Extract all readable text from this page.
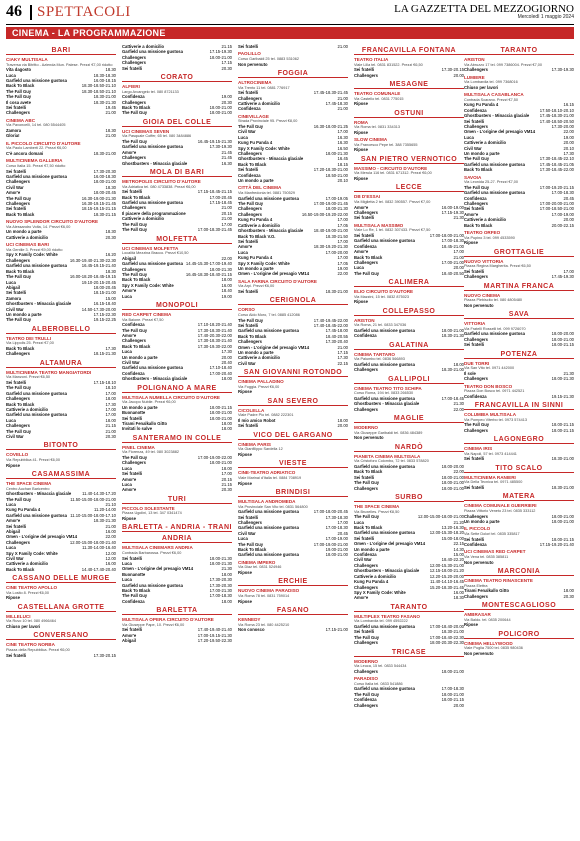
46 SPETTACOLI	LA GAZZETTA DEL MEZZOGIORNO
Mercoledì 1 maggio 2024
CINEMA - LA PROGRAMMAZIONE
BARI
CIAKY MULTISALA
Traversa via Bitritto - Azienda Mun. Palese. Prezzi €7,00 ridotto
Vita dagosto	18.30
Luca	18.30-18.30
Garfield una missione gustosa	16.00-18.15
Back To Black	18.30-18.50-21.10
The Fall Guy	18.30-18.50-21.10
The Fall Guy	18.30-21.00
Il cosa avete	18.30-21.30
Sei fratelli	19.45
Challengers	21.00
CINEMA ABC
Via Pavoncelli, 14 tel. 080 5544405
Zamora	18.30
Gloria!	21.00
IL PICCOLO CIRCUITO D'AUTORE
Via Paolo Lamberti 22. Prezzi €6,00
C'è ancora domani	18.30-21.00
MULTICINEMA GALLERIA
Corso Italia 15. Prezzi €7,50 ridotto
Sei fratelli	17.30-20.30
Garfield una missione gustosa	16.00-18.30
Challengers	18.00-21.00
Civil War	18.30
Amor'e	18.00-20.45
The Fall Guy	16.30-19.00-21.30
Challengers	16.30-19.15-21.45
Sei fratelli	18.15-19.15-21.15
Back To Black	18.30-21.15
NUOVO SPLENDOR CIRCUITO D'AUTORE
Via Alessandro Volta, 14. Prezzi €6,00
Un mondo a parte	18.30
Cattiverie a domicilio	20.30
UCI CINEMAS BARI
Via Gentile 3. Prezzi €9,00 ridotto
Spy X Family Code: White	16.20
Challengers	16.30-19.40-21.30-22.30
Garfield una missione gustosa	16.45-19.15-21.40
Back To Black	18.30
The Fall Guy	16.00-18.20-18.45-19.15
Luca	19.10-20.15-20.45
Abigail	18.00-20.45
Sei fratelli	18.15-21.00
Zamora	15.00
Ghostbusters - Minaccia glaciale	16.15-18.40
Civil War	14.50-17.30-20.00
Un mondo a parte	17.15-22.30
The Fall Guy	19.15-22.25
ALBEROBELLO
TEATRO DEI TRULLI
Via Lippolis 25. Prezzi €7,00
Back To Black	17.30
Challengers	18.15-21.30
ALTAMURA
MULTICINEMA TEATRO MANGIATORDI
Via Manzoni. Prezzi €6,50
Sei fratelli	17.15-18.10
The Fall Guy	18.10
Garfield una missione gustosa	17.00
Challengers	18.00
Back To Black	17.30
Cattiverie a domicilio	17.00
Garfield una missione gustosa	17.00
Luca	18.00
Challengers	21.15
The Fall Guy	21.00
Civil War	20.30
BITONTO
COVELLO
Via Repubblica 41. Prezzi €6,00
Ripose
CASAMASSIMA
THE SPACE CINEMA
Centro Auchan Baricentro
Ghostbusters - Minaccia glaciale	11.40-14.30-17.20
The Fall Guy	11.50-15.00-18.00-21.00
Luca	21.10
Kung Fu Panda 4	11.20-14.00
Garfield una missione gustosa 11.10-15.00-18.00-17.10
Amor'e	18.30-21.30
Sei fratelli	21.00
Abigail	16.00
Omen - L'origine del presagio VM14	22.00
Challengers	12.00-15.00-18.00-21.40
Luca	11.30-14.00-16.40
Spy X Family Code: White	12.00
Civil War	12.00
Cattiverie a domicilio	16.00
Back To Black	14.40-17.40-20.40
CASSANO DELLE MURGE
CINE TEATRO APOLLO
Via Losito 8. Prezzi €6,00
Ripose
CASTELLANA GROTTE
MILLELUCI
Via Ruvo 10 tel. 080 4966464
Chiuso per lavori
CONVERSANO
CINE TEATRO NORBA
Piazza della Repubblica. Prezzi €6,00
Sei fratelli	17.30-20.15
Cattiverie a domicilio	21.15
Garfield una missione gustosa	17.15-19.30
Challengers	18.00-21.00
Challengers	17.15
Sei fratelli	20.30
CORATO
ALFIERI
Largo Arcangelo tel. 080 8721133
Confidenza	19.00
Challengers	20.30
Back To Black	18.00-21.00
The Fall Guy	18.00-21.00
GIOIA DEL COLLE
UCI CINEMAS SEVEN
Via Pasquale Coffer, 65 tel. 080 3484886
The Fall Guy	16.45-19.15-21.30
Garfield una missione gustosa	17.30-19.30
Amor'e	21.45
Challengers	21.45
Ghostbusters - Minaccia glaciale	16.30
MOLA DI BARI
METROPOLIS CIRCUITO D'AUTORE
Via Adriatica tel. 080 4733838. Prezzi €6,00
Sei fratelli	17.15-18.45-21.15
Back To Black	17.00-20.45
Garfield una missione gustosa	17.15-18.45
Challengers	21.00
Il piacere della programmazione	20.15
Cattiverie a domicilio	21.00
The Fall Guy	17.00
The Fall Guy	17.00-18.30-21.45
MOLFETTA
UCI CINEMAS MOLFETTA
Località Mezzina Bracco. Prezzi €10,50
Abigail	22.00
Garfield una missione gustosa 14.45-15.30-17.00-19.40
Challengers	18.00-21.30
The Fall Guy	16.45-18.30-18.40-21.15
Back To Black	18.00
Spy X Family Code: White	16.00
Amor'e	18.40
Luca	19.00
MONOPOLI
RED CARPET CINEMA
Via Baione. Prezzi €7,50
Confidenza	17.10-18.20-21.40
The Fall Guy	17.30-18.30-21.40
Amor'e	17.40-20.30-22.00
Challengers	17.30-18.30-21.40
Back To Black	17.30-19.30-22.00
Luca	17.30
Un mondo a parte	20.00
Civil War	20.40
Garfield una missione gustosa	17.10-18.40
Confidenza	17.00-20.40
Ghostbusters - Minaccia glaciale	18.00
POLIGNANO A MARE
MULTISALA NUMELLA CIRCUITO D'AUTORE
Via Jacopo Nubile. Prezzi €6,00
Un mondo a parte	18.00-21.15
Buonanotte	18.00-21.00
Sei fratelli	18.00-21.00
Tirami Fenalkallo Gitto	18.00
Invitati lo salve	18.00
SANTERAMO IN COLLE
PINEL CINEMA
Via Fiorenza, 49 tel. 080 3023882
The Fall Guy	17.00-19.00-22.00
Challengers	18.00-21.00
Luca	18.00
Sei fratelli	17.00
Amor'e	20.15
Luca	21.15
Amor'e	20.30
TURI
PICCOLO SOLESTANTE
Piazza Ugolini, 13 tel. 347 0341474
Ripose
BARLETTA - ANDRIA - TRANI
ANDRIA
MULTISALA CINEMARS ANDRIA
Contrada Barbarossa. Prezzi €6,00
Sei fratelli	18.00-21.30
Luca	18.00-21.30
Omen - L'origine del presagio VM14	21.30
Buonanotte	18.00
Luca	17.30-20.30
Garfield una missione gustosa	17.30-20.30
Back To Black	17.00-21.30
The Fall Guy	17.00-18.30
Confidenza	18.00
BARLETTA
MULTISALA OPERA CIRCUITO D'AUTORE
Via Giuseppe Pape, 10. Prezzi €6,00
Sei fratelli	17.40-19.40-21.40
Amor'e	17.00-19.15-21.30
Abigail	17.20-19.50-22.30
Sei fratelli	21.00
PAOLILLO
Corso Garibaldi 25 tel. 0883 531062
Non pervenuto
FOGGIA
ALTROCINEMA
Via Trento 11 tel. 0881 776917
Sei fratelli	17.45-18.30-21.45
Challengers	21.00
Cattiverie a domicilio	17.45-18.30
Confidenza	21.00
CINEVILLAGE
Strada Provinciale 95. Prezzi €8,00
The Fall Guy	16.30-18.00-21.25
Civil War	17.00
Luca	16.30
Kung Fu Panda 4	16.30
Spy X Family Code: White	16.50
Challengers	18.00-21.30
Ghostbusters - Minaccia glaciale	16.45
Back To Black	18.15
Sei fratelli	17.20-18.30-21.00
Confidenza	18.50-21.00
Un mondo a parte	20.10
CITTÀ DEL CINEMA
Via Manfredonia tel. 0881 750529
Garfield una missione gustosa	17.00-19.05
The Fall Guy	17.00-19.00-21.45
Challengers	18.00-21.30
Challengers	16.50-19.00-19.20-22.00
Kung Fu Panda 4	17.00
Cattiverie a domicilio	17.05
Ghostbusters - Minaccia glaciale	18.40-19.00-21.00
Back To Black V.O.	18.30-21.50
Sei fratelli	17.00
Amor'e	18.30-19.20-21.30
Luca	17.00-20.00
Kung Fu Panda 4	17.00
Spy X Family Code: White	17.05
Un mondo a parte	19.00
Omen - L'origine del presagio VM14	22.00
SALA FARINA CIRCUITO D'AUTORE
Via Arpi. Prezzi €6,00
Sei fratelli	18.30-21.00
CERIGNOLA
CORSO
Corso Aldo Moro, 7 tel. 0885 412086
The Fall Guy	17.40-19.45-22.00
Sei fratelli	17.40-18.45-22.00
Garfield una missione gustosa	17.45-18.00
Back To Black	18.40-20.55
Challengers	17.30-20.40
Omen - L'origine del presagio VM14	21.00
Un mondo a parte	17.15
Cattiverie a domicilio	17.30
Civil War	22.15
SAN GIOVANNI ROTONDO
CINEMA PALLADINO
Via Foggia. Prezzi €6,00
Ripose
SAN SEVERO
CICOLELLA
Viale Padre Pio tel. 0882 222301
Il mio amico Robot	18.00
Sei fratelli	20.00
VICO DEL GARGANO
CINEMA PARIS
Via Gianfilippo Sardella 12
Ripose
VIESTE
CINE-TEATRO ADRIATICO
Viale Marinai d'Italia tel. 0884 708919
Ripose
BRINDISI
MULTISALA ANDROMEDA
Via Provinciale San Vito tel. 0831 564800
Garfield una missione gustosa	17.00-18.00-20.45
Sei fratelli	17.30-18.30
Challengers	17.00
Garfield una missione gustosa	17.00-18.30
Civil War	20.45
Luca	17.00-19.00
The Fall Guy	17.00-19.00-21.00
Back To Black	19.00-21.00
Garfield una missione gustosa	18.00-21.00
CINEMA IMPERO
Via Diaz tel. 0831 524946
Ripose
ERCHIE
NUOVO CINEMA PARADISO
Via Roma 78 tel. 0831 759014
Ripose
FASANO
KENNEDY
Via Roma 23 tel. 080 4425210
Non conosco	17.15-21.00
FRANCAVILLA FONTANA
TEATRO ITALIA
Viale Lilla tel. 0831 831522. Prezzi €6,50
Sei fratelli	17.30-20.15
Challengers	20.00
MESAGNE
TEATRO COMUNALE
Via Castello tel. 0831 775015
Ripose
OSTUNI
ROMA
Via Roma tel. 0831 334313
Ripose
SLOW CINEMA
Via Francesco Pepe tel. 388 7355655
Ripose
SAN PIETRO VERNOTICO
MASSIMO - CIRCUITO D'AUTORE
Via Merula 116 tel. 0831 671312. Prezzi €6,00
Ripose
LECCE
DB D'ESSAI
Via Miglietta 2 tel. 0832 390557. Prezzi €7,00
Amor'e	16.00-19.00
Challengers	17.15-19.30
Sei fratelli	21.30
MULTISALA MASSIMO
Viale Lo Re, 1 tel. 0832 307433. Prezzi €7,50
Sei fratelli	17.00-18.00-21.00
Garfield una missione gustosa	17.00-18.30
Confidenza	18.45-21.00
Amor'e	17.00
Back To Black	21.00
Challengers	17.00-21.00
Luca	20.00
The Fall Guy	18.40-20.50
CALIMERA
ELIO CIRCUITO D'AUTORE
Via Mazzini, 15 tel. 0832 875023
Ripose
COLLEPASSO
ARISTON
Via Roma, 21 tel. 0833 347036
Garfield una missione gustosa	18.00-21.00
Confidenza	18.30-21.30
GALATINA
CINEMA TARTARO
Via Palumbo tel. 0836 566893
Garfield una missione gustosa	18.00
Challengers	18.30-21.00
GALLIPOLI
CINEMA TEATRO TITO SCHIPA
Corso Roma, 194 tel. 0833 266530
Garfield una missione gustosa	17.00-18.45
Ghostbusters - Minaccia glaciale	21.30
Challengers	22.00
MAGLIE
MODERNO
Via Giuseppe Garibaldi tel. 0836 484389
Non pervenuto
NARDÒ
PIANETA CINEMA MULTISALA
Via Cristoforo Colombo, 72 tel. 0833 578820
Garfield una missione gustosa	18.00-20.00
Back To Black	22.00
Sei fratelli	18.00-21.00
The Fall Guy	18.00-21.00
Challengers	18.00-21.00
SURBO
THE SPACE CINEMA
Via Bruxelles. Prezzi €8,50
The Fall Guy	12.00-15.00-18.00-21.00
Luca	21.20
Back To Black	13.20-16.30
Garfield una missione gustosa	12.00-15.30-18.20
Sei fratelli	15.00-18.00
Omen - L'origine del presagio VM14	22.15
Un mondo a parte	14.30
Confidenza	15.00
Civil War	18.40-22.20
Challengers	12.00-15.30-21.00
Ghostbusters - Minaccia glaciale	12.15-18.00-21.20
Cattiverie a domicilio	12.20-15.20-20.00
Kung Fu Panda 4	11.40-14.10-16.45
Challengers	15.20-18.30-21.45
Spy X Family Code: White	16.00
Amor'e	18.30
TARANTO
MULTIPLEX TEATRO FASANO
Via Lombardia tel. 099 4592222
Garfield una missione gustosa	17.00-18.40-20.00
Sei fratelli	18.30-21.00
The Fall Guy	17.00-18.40-22.30
Challengers	18.00-20.30-22.30
TRICASE
MODERNO
Via Leuca, 15 tel. 0833 544434
Challengers	18.00-21.00
PARADISO
Corso Italia tel. 0833 541886
Garfield una missione gustosa	17.00-18.30
The Fall Guy	18.00-21.00
Confidenza	18.00-21.15
Challengers	20.00
TARANTO
ARISTON
Via Abruzzo 17 tel. 099 7386004. Prezzi €7,00
Challengers	17.30-19.30
LUMIERE
Via Lombardia tel. 099 7368016
Chiuso per lavori
MULTISALA CASABLANCA
Contrada Scarano. Prezzi €7,50
Kung Fu Panda 4	16.15
Confidenza	17.50-18.10-20.10
Ghostbusters - Minaccia glaciale	17.45-18.30-21.00
Sei fratelli	17.40-18.50-20.50
Challengers	17.30-20.00
Omen - L'origine del presagio VM14	22.00
Luca	19.00
Cattiverie a domicilio	20.00
Civil War	20.10
Un mondo a parte	17.30
The Fall Guy	17.30-18.45-22.10
Garfield una missione gustosa	17.45-18.45-21.05
Back To Black	17.30-18.45-22.00
SAVOIA
Via Leonida 25-27. Prezzi €7,00
The Fall Guy	17.00-19.20-21.15
Garfield una missione gustosa	17.00-18.30
Confidenza	20.45
Challengers	17.00-20.00-21.00
Sei fratelli	17.00-18.50-21.00
Amor'e	17.00-19.00
Cattiverie a domicilio	20.00
Back To Black	20.00-22.15
TEATRO ORFEO
Via Pupino 3 tel. 099 4533590
Ripose
GROTTAGLIE
NUOVO VITTORIA
Piazza Regina Margherita. Prezzi €6,50
Sei fratelli	17.00
Challengers	17.45-19.30
MARTINA FRANCA
NUOVO CINEMA
Piazza Plebiscito tel. 080 4805480
Non pervenuto
SAVA
VITTORIA
Via Fratelli Rosselli tel. 099 9726070
Garfield una missione gustosa	18.00-20.00
Challengers	18.00-21.00
Sei fratelli	18.00-21.15
POTENZA
DUE TORRI
Via San Vito tel. 0971 442000
Il sole	21.30
Challengers	18.00-21.30
TEATRO DON BOSCO
Piazza Don Bosco tel. 0971 442521
Confidenza	19.15-21.30
FRANCAVILLA IN SINNI
COLUMBIA MULTISALA
Via Pompeo Viterbo tel. 0973 574413
The Fall Guy	18.00-21.15
Challengers	18.00-21.15
LAGONEGRO
CINEMA IRIS
Via Napoli, 57 tel. 0973 414441
Sei fratelli	18.30-21.00
TITO SCALO
MULTICINEMA RANIERI
Via Della Tecnica tel. 0971 485500
Sei fratelli	18.30-21.00
MATERA
CINEMA COMUNALE GUERRIERI
Piazza Vittorio Veneto 23 tel. 0835 333112
Challengers	18.00-21.00
Un mondo a parte	18.00-21.00
IL PICCOLO
Via Sette Dolori tel. 0835 335817
Sei fratelli	18.00-21.15
Confidenza	17.15-19.20-21.40
UCI CINEMAS RED CARPET
Via Vena tel. 0835 385811
Non pervenuto
MARCONIA
CINEMA TEATRO RINASCENTE
Piazza Elettra
Tirami Fenalkallo Gitto	18.00
Challengers	20.30
MONTESCAGLIOSO
AMBRASAR
Via Baldo. tel. 0835 200644
Ripose
POLICORO
CINEMA HELLYWOOD
Viale Puglia 7500 tel. 0835 980436
Non pervenuto
